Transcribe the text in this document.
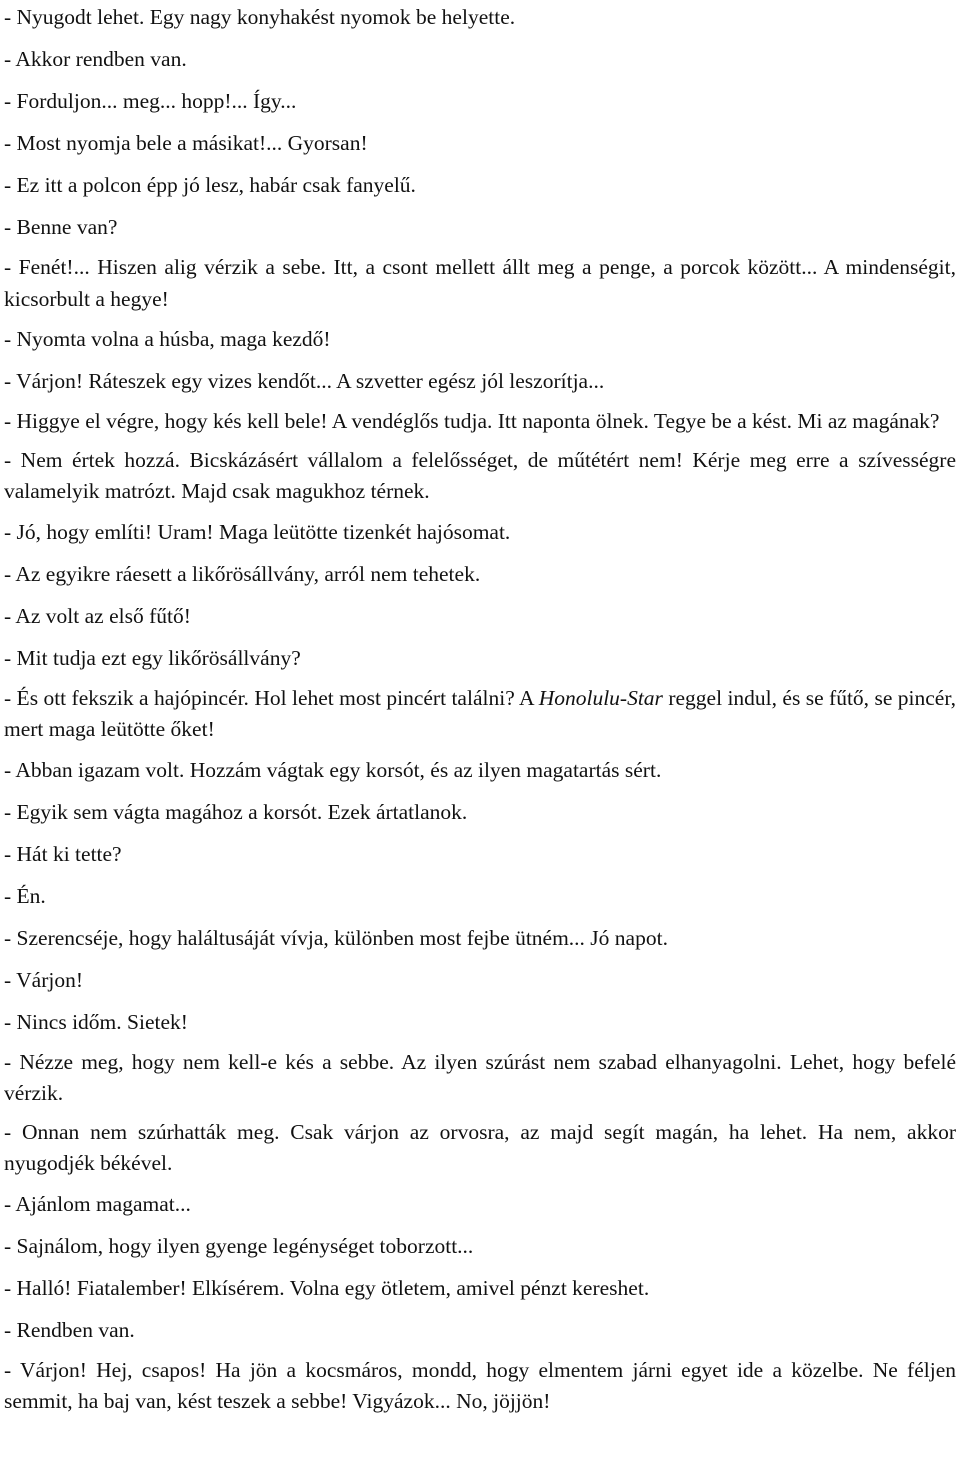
- Nyugodt lehet. Egy nagy konyhakést nyomok be helyette.

- Akkor rendben van.

- Forduljon... meg... hopp!... Így...

- Most nyomja bele a másikat!... Gyorsan!

- Ez itt a polcon épp jó lesz, habár csak fanyelű.

- Benne van?

- Fenét!... Hiszen alig vérzik a sebe. Itt, a csont mellett állt meg a penge, a porcok között... A mindenségit, kicsorbult a hegye!

- Nyomta volna a húsba, maga kezdő!

- Várjon! Ráteszek egy vizes kendőt... A szvetter egész jól leszorítja...

- Higgye el végre, hogy kés kell bele! A vendéglős tudja. Itt naponta ölnek. Tegye be a kést. Mi az magának?

- Nem értek hozzá. Bicskázásért vállalom a felelősséget, de műtétért nem! Kérje meg erre a szívességre valamelyik matrózt. Majd csak magukhoz térnek.

- Jó, hogy említi! Uram! Maga leütötte tizenkét hajósomat.

- Az egyikre ráesett a likőrösállvány, arról nem tehetek.

- Az volt az első fűtő!

- Mit tudja ezt egy likőrösállvány?

- És ott fekszik a hajópincér. Hol lehet most pincért találni? A Honolulu-Star reggel indul, és se fűtő, se pincér, mert maga leütötte őket!

- Abban igazam volt. Hozzám vágtak egy korsót, és az ilyen magatartás sért.

- Egyik sem vágta magához a korsót. Ezek ártatlanok.

- Hát ki tette?

- Én.

- Szerencséje, hogy haláltusáját vívja, különben most fejbe ütném... Jó napot.

- Várjon!

- Nincs időm. Sietek!

- Nézze meg, hogy nem kell-e kés a sebbe. Az ilyen szúrást nem szabad elhanyagolni. Lehet, hogy befelé vérzik.

- Onnan nem szúrhatták meg. Csak várjon az orvosra, az majd segít magán, ha lehet. Ha nem, akkor nyugodjék békével.

- Ajánlom magamat...

- Sajnálom, hogy ilyen gyenge legénységet toborzott...

- Halló! Fiatalember! Elkísérem. Volna egy ötletem, amivel pénzt kereshet.

- Rendben van.

- Várjon! Hej, csapos! Ha jön a kocsmáros, mondd, hogy elmentem járni egyet ide a közelbe. Ne féljen semmit, ha baj van, kést teszek a sebbe! Vigyázok... No, jöjjön!
